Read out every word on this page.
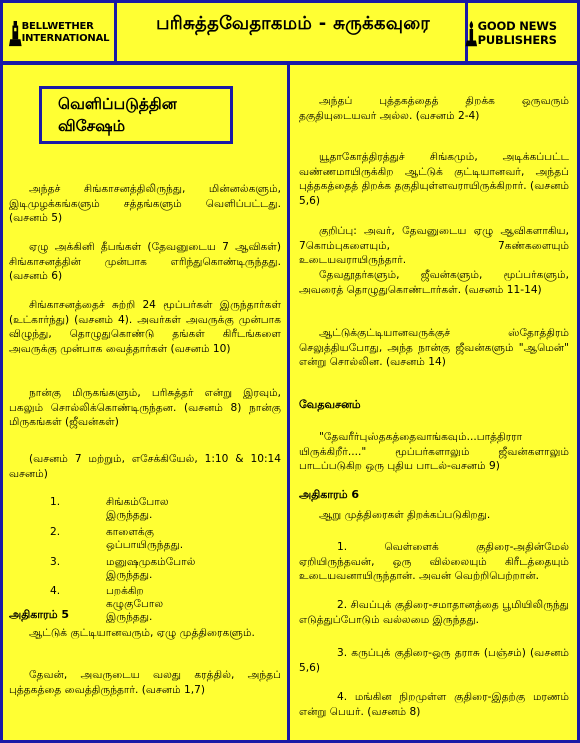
BELLWETHER INTERNATIONAL
பரிசுத்தவேதாகமம் - சுருக்கவுரை	GOOD NEWS PUBLISHERS
வெளிப்படுத்தின
விசேஷம்

அந்தச் சிங்காசனத்திலிருந்து, மின்னல்களும், இடிமுழக்கங்களும் சத்தங்களும் வெளிப்பட்டது. (வசனம் 5)

ஏழு அக்கினி தீபங்கள் (தேவனுடைய 7 ஆவிகள்) சிங்காசனத்தின் முன்பாக எரிந்துகொண்டிருந்தது. (வசனம் 6)

சிங்காசனத்தைச் சுற்றி 24 மூப்பர்கள் இருந்தார்கள் (உட்கார்ந்து) (வசனம் 4). அவர்கள் அவருக்கு முன்பாக விழுந்து, தொழுதுகொண்டு தங்கள் கிரீடங்களை அவருக்கு முன்பாக வைத்தார்கள் (வசனம் 10)

நான்கு மிருகங்களும், பரிசுத்தர் என்று இரவும், பகலும் சொல்லிக்கொண்டிருந்தன. (வசனம் 8) நான்கு மிருகங்கள் (ஜீவன்கள்)

(வசனம் 7 மற்றும், எசேக்கியேல், 1:10 & 10:14 வசனம்)

1.	சிங்கம்போல இருந்தது.
2.	காளைக்கு ஒப்பாயிருந்தது.
3.	மனுஷமுகம்போல் இருந்தது.
4.	பறக்கிற கழுகுபோல இருந்தது.
அதிகாரம் 5

ஆட்டுக் குட்டியானவரும், ஏழு முத்திரைகளும்.

தேவன், அவருடைய வலது கரத்தில், அந்தப் புத்தகத்தை வைத்திருந்தார். (வசனம் 1,7)

அந்தப் புத்தகத்தைத் திறக்க ஒருவரும் தகுதியுடையவர் அல்ல. (வசனம் 2-4)

யூதாகோத்திரத்துச் சிங்கமும், அடிக்கப்பட்ட வண்ணமாயிருக்கிற ஆட்டுக் குட்டியானவர், அந்தப் புத்தகத்தைத் திறக்க தகுதியுள்ளவராயிருக்கிறார். (வசனம் 5,6)

குறிப்பு: அவர், தேவனுடைய ஏழு ஆவிகளாகிய, 7கொம்புகளையும், 7கண்களையும் உடையவராயிருந்தார்.

தேவதூதர்களும், ஜீவன்களும், மூப்பர்களும், அவரைத் தொழுதுகொண்டார்கள். (வசனம் 11-14)

ஆட்டுக்குட்டியானவருக்குச் ஸ்தோத்திரம் செலுத்தியபோது, அந்த நான்கு ஜீவன்களும் "ஆமென்" என்று சொல்லின. (வசனம் 14)

வேதவசனம்

"தேவரீர்புஸ்தகத்தைவாங்கவும்...பாத்திரரா யிருக்கிறீர்...." மூப்பர்களாலும் ஜீவன்களாலும் பாடப்படுகிற ஒரு புதிய பாடல்-வசனம் 9)

அதிகாரம் 6

ஆறு முத்திரைகள் திறக்கப்படுகிறது.

1. வெள்ளைக் குதிரை-அதின்மேல் ஏறியிருந்தவன், ஒரு வில்லையும் கிரீடத்தையும் உடையவனாயிருந்தான். அவன் வெற்றிபெற்றான்.

2. சிவப்புக் குதிரை-சமாதானத்தை பூமியிலிருந்து எடுத்துப்போடும் வல்லமை இருந்தது.

3. கருப்புக் குதிரை-ஒரு தராசு (பஞ்சம்) (வசனம் 5,6)

4. மங்கின நிறமுள்ள குதிரை-இதற்கு மரணம் என்று பெயர். (வசனம் 8)
